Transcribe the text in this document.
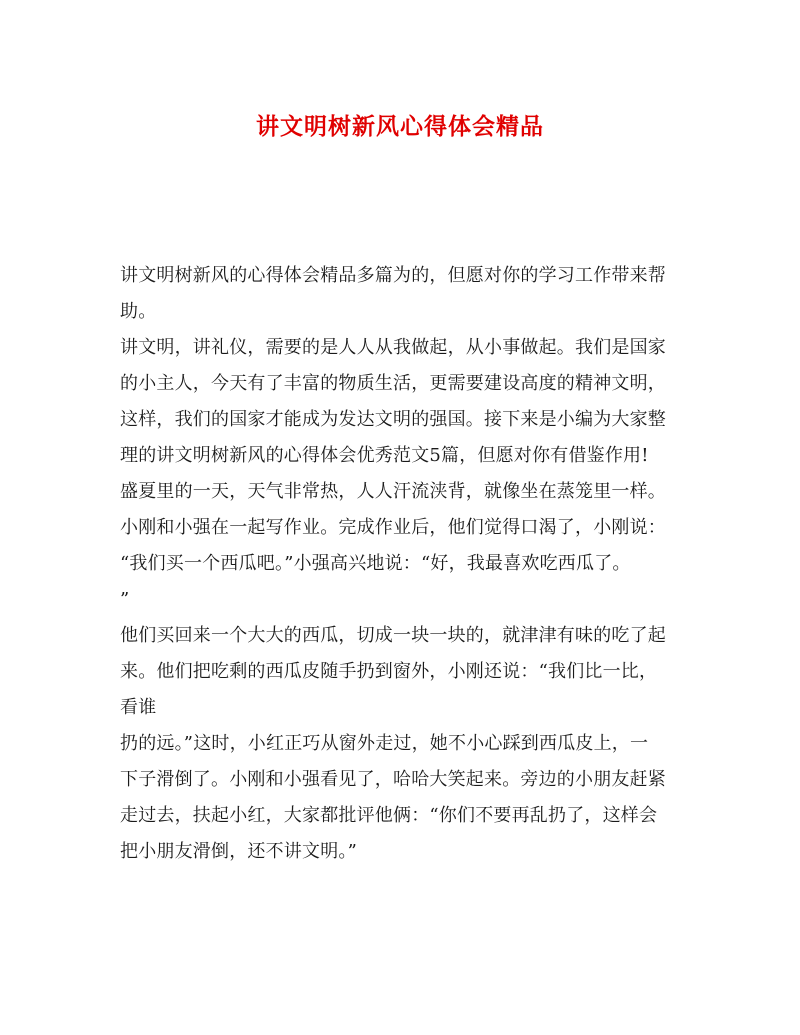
讲文明树新风心得体会精品
讲文明树新风的心得体会精品多篇为的，但愿对你的学习工作带来帮
助。
讲文明，讲礼仪，需要的是人人从我做起，从小事做起。我们是国家
的小主人，今天有了丰富的物质生活，更需要建设高度的精神文明，
这样，我们的国家才能成为发达文明的强国。接下来是小编为大家整
理的讲文明树新风的心得体会优秀范文5篇，但愿对你有借鉴作用!
盛夏里的一天，天气非常热，人人汗流浃背，就像坐在蒸笼里一样。
小刚和小强在一起写作业。完成作业后，他们觉得口渴了，小刚说：
“我们买一个西瓜吧。”小强高兴地说：“好，我最喜欢吃西瓜了。
”
他们买回来一个大大的西瓜，切成一块一块的，就津津有味的吃了起
来。他们把吃剩的西瓜皮随手扔到窗外，小刚还说：“我们比一比，
看谁
扔的远。”这时，小红正巧从窗外走过，她不小心踩到西瓜皮上，一
下子滑倒了。小刚和小强看见了，哈哈大笑起来。旁边的小朋友赶紧
走过去，扶起小红，大家都批评他俩：“你们不要再乱扔了，这样会
把小朋友滑倒，还不讲文明。”
